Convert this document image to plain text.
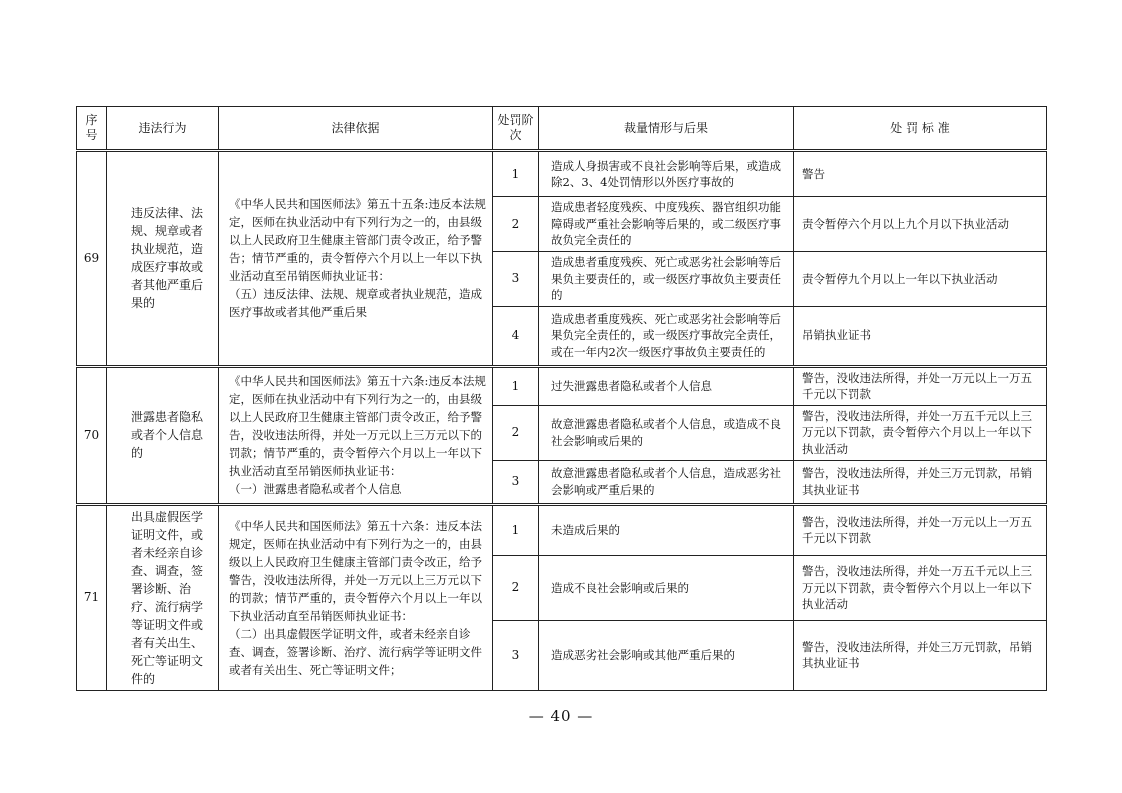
序号	违法行为	法律依据	处罚阶次	裁量情形与后果	处 罚 标 准
69	违反法律、法规、规章或者执业规范，造成医疗事故或者其他严重后果的	《中华人民共和国医师法》第五十五条:违反本法规定，医师在执业活动中有下列行为之一的，由县级以上人民政府卫生健康主管部门责令改正，给予警告；情节严重的，责令暂停六个月以上一年以下执业活动直至吊销医师执业证书：
（五）违反法律、法规、规章或者执业规范，造成医疗事故或者其他严重后果	1	造成人身损害或不良社会影响等后果，或造成除2、3、4处罚情形以外医疗事故的	警告
			2	造成患者轻度残疾、中度残疾、器官组织功能障碍或严重社会影响等后果的，或二级医疗事故负完全责任的	责令暂停六个月以上九个月以下执业活动
			3	造成患者重度残疾、死亡或恶劣社会影响等后果负主要责任的，或一级医疗事故负主要责任的	责令暂停九个月以上一年以下执业活动
			4	造成患者重度残疾、死亡或恶劣社会影响等后果负完全责任的，或一级医疗事故完全责任，或在一年内2次一级医疗事故负主要责任的	吊销执业证书
70	泄露患者隐私或者个人信息的	《中华人民共和国医师法》第五十六条:违反本法规定，医师在执业活动中有下列行为之一的，由县级以上人民政府卫生健康主管部门责令改正，给予警告，没收违法所得，并处一万元以上三万元以下的罚款；情节严重的，责令暂停六个月以上一年以下执业活动直至吊销医师执业证书：
（一）泄露患者隐私或者个人信息	1	过失泄露患者隐私或者个人信息	警告，没收违法所得，并处一万元以上一万五千元以下罚款
			2	故意泄露患者隐私或者个人信息，或造成不良社会影响或后果的	警告，没收违法所得，并处一万五千元以上三万元以下罚款，责令暂停六个月以上一年以下执业活动
			3	故意泄露患者隐私或者个人信息，造成恶劣社会影响或严重后果的	警告，没收违法所得，并处三万元罚款，吊销其执业证书
71	出具虚假医学证明文件，或者未经亲自诊查、调查，签署诊断、治疗、流行病学等证明文件或者有关出生、死亡等证明文件的	《中华人民共和国医师法》第五十六条：违反本法规定，医师在执业活动中有下列行为之一的，由县级以上人民政府卫生健康主管部门责令改正，给予警告，没收违法所得，并处一万元以上三万元以下的罚款；情节严重的，责令暂停六个月以上一年以下执业活动直至吊销医师执业证书：
（二）出具虚假医学证明文件，或者未经亲自诊查、调查，签署诊断、治疗、流行病学等证明文件或者有关出生、死亡等证明文件；	1	未造成后果的	警告，没收违法所得，并处一万元以上一万五千元以下罚款
			2	造成不良社会影响或后果的	警告，没收违法所得，并处一万五千元以上三万元以下罚款，责令暂停六个月以上一年以下执业活动
			3	造成恶劣社会影响或其他严重后果的	警告，没收违法所得，并处三万元罚款，吊销其执业证书
— 40 —
